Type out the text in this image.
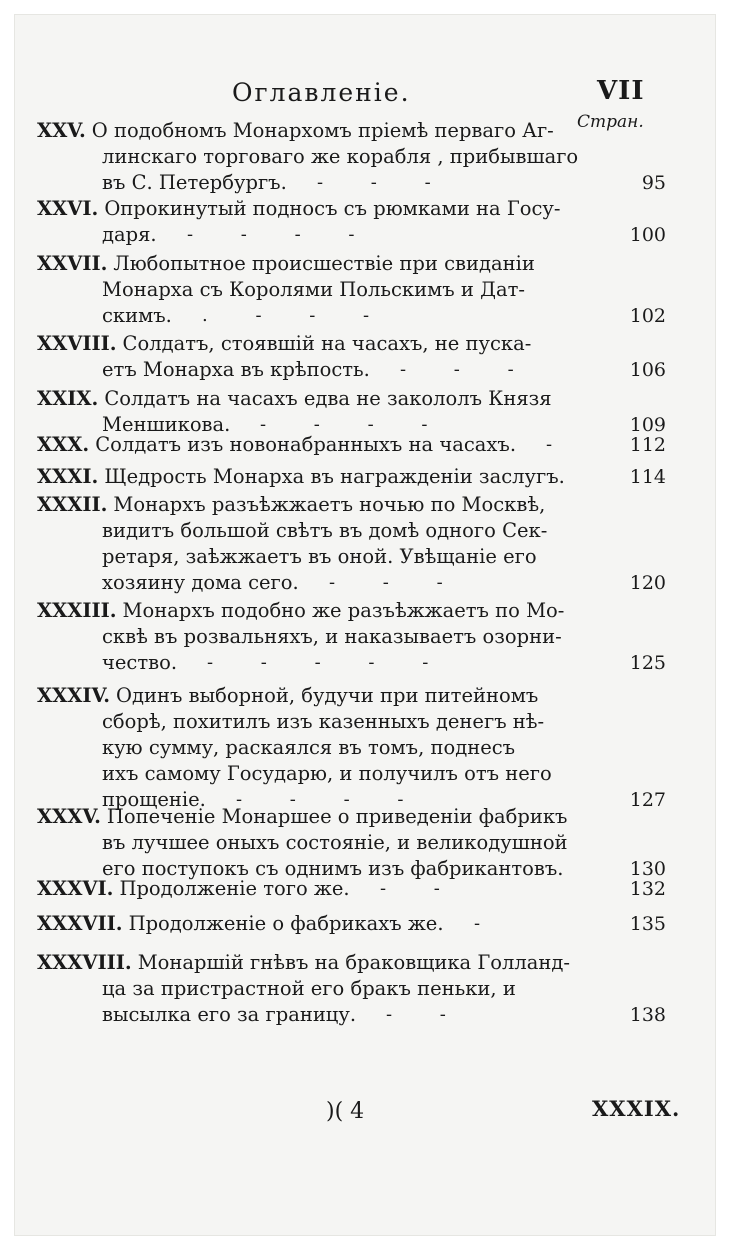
Оглавленiе.	VII
Стран.
XXV. О подобномъ Монархомъ прiемѣ перваго Аг-
линскаго торговаго же корабля , прибывшаго
въ С. Петербургъ. - - -	95
XXVI. Опрокинутый подносъ съ рюмками на Госу-
даря. - - - -	100
XXVII. Любопытное происшествiе при свиданiи
Монарха съ Королями Польскимъ и Дат-
скимъ. . - - -	102
XXVIII. Солдатъ, стоявшiй на часахъ, не пуска-
етъ Монарха въ крѣпость. - - -	106
XXIX. Солдатъ на часахъ едва не закололъ Князя
Меншикова. - - - -	109
XXX. Солдатъ изъ новонабранныхъ на часахъ. -	112
XXXI. Щедрость Монарха въ награжденiи заслугъ.	114
XXXII. Монархъ разъѣжжаетъ ночью по Москвѣ,
видитъ большой свѣтъ въ домѣ одного Сек-
ретаря, заѣжжаетъ въ оной. Увѣщанiе его
хозяину дома сего. - - -	120
XXXIII. Монархъ подобно же разъѣжжаетъ по Мо-
сквѣ въ розвальняхъ, и наказываетъ озорни-
чество. - - - - -	125
XXXIV. Одинъ выборной, будучи при питейномъ
сборѣ, похитилъ изъ казенныхъ денегъ нѣ-
кую сумму, раскаялся въ томъ, поднесъ
ихъ самому Государю, и получилъ отъ него
прощенiе. - - - -	127
XXXV. Попеченiе Монаршее о приведенiи фабрикъ
въ лучшее оныхъ состоянiе, и великодушной
его поступокъ съ однимъ изъ фабрикантовъ.	130
XXXVI. Продолженiе того же. - -	132
XXXVII. Продолженiе о фабрикахъ же. -	135
XXXVIII. Монаршiй гнѣвъ на браковщика Голланд-
ца за пристрастной его бракъ пеньки, и
высылка его за границу. - -	138
)( 4	XXXIX.
